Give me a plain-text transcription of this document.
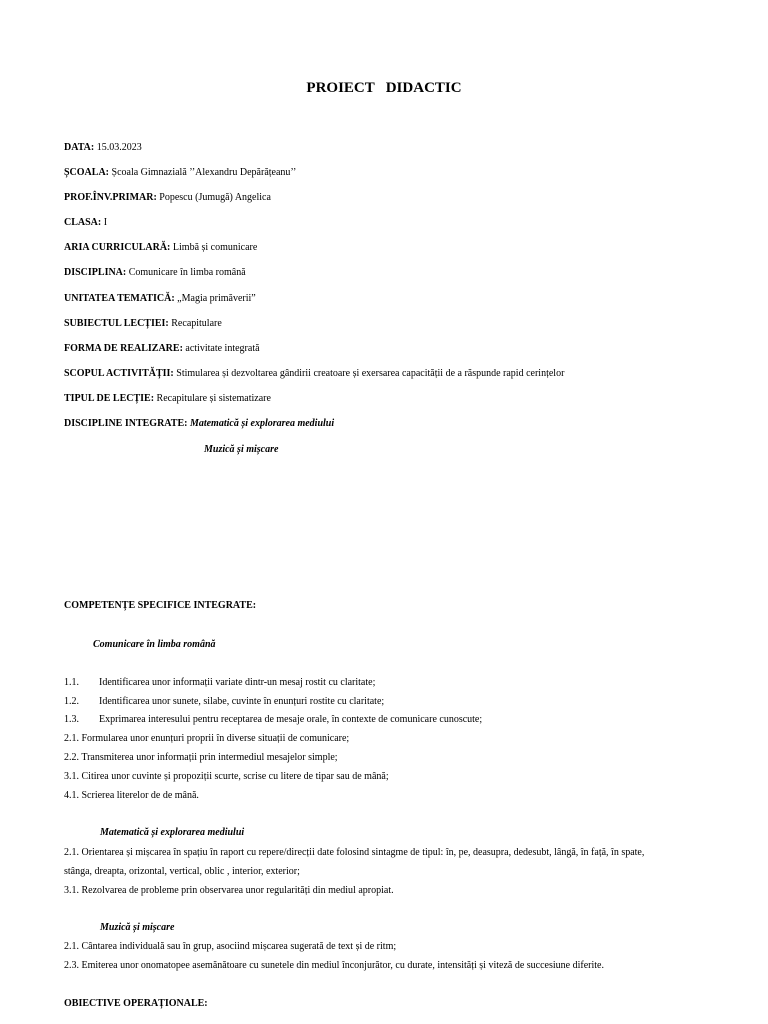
PROIECT   DIDACTIC
DATA: 15.03.2023
ȘCOALA: Școala Gimnazială ’’Alexandru Depărățeanu’’
PROF.ÎNV.PRIMAR: Popescu (Jumugă) Angelica
CLASA: I
ARIA CURRICULARĂ: Limbă și comunicare
DISCIPLINA: Comunicare în limba română
UNITATEA TEMATICĂ: „Magia primăverii”
SUBIECTUL LECȚIEI: Recapitulare
FORMA DE REALIZARE: activitate integrată
SCOPUL ACTIVITĂȚII: Stimularea și dezvoltarea gândirii creatoare și exersarea capacității de a răspunde rapid cerințelor
TIPUL DE LECȚIE: Recapitulare și sistematizare
DISCIPLINE INTEGRATE: Matematică și explorarea mediului
Muzică și mișcare
COMPETENȚE SPECIFICE INTEGRATE:
Comunicare în limba română
1.1. Identificarea unor informații variate dintr-un mesaj rostit cu claritate;
1.2. Identificarea unor sunete, silabe, cuvinte în enunțuri rostite cu claritate;
1.3. Exprimarea interesului pentru receptarea de mesaje orale, în contexte de comunicare cunoscute;
2.1. Formularea unor enunțuri proprii în diverse situații de comunicare;
2.2. Transmiterea unor informații prin intermediul mesajelor simple;
3.1. Citirea unor cuvinte și propoziții scurte, scrise cu litere de tipar sau de mână;
4.1. Scrierea literelor de de mână.
Matematică și explorarea mediului
2.1. Orientarea și mișcarea în spațiu în raport cu repere/direcții date folosind sintagme de tipul: în, pe, deasupra, dedesubt, lângă, în față, în spate,
stânga, dreapta, orizontal, vertical, oblic , interior, exterior;
3.1. Rezolvarea de probleme prin observarea unor regularități din mediul apropiat.
Muzică și mișcare
2.1. Cântarea individuală sau în grup, asociind mișcarea sugerată de text și de ritm;
2.3. Emiterea unor onomatopee asemănătoare cu sunetele din mediul înconjurător, cu durate, intensități și viteză de succesiune diferite.
OBIECTIVE OPERAȚIONALE:
